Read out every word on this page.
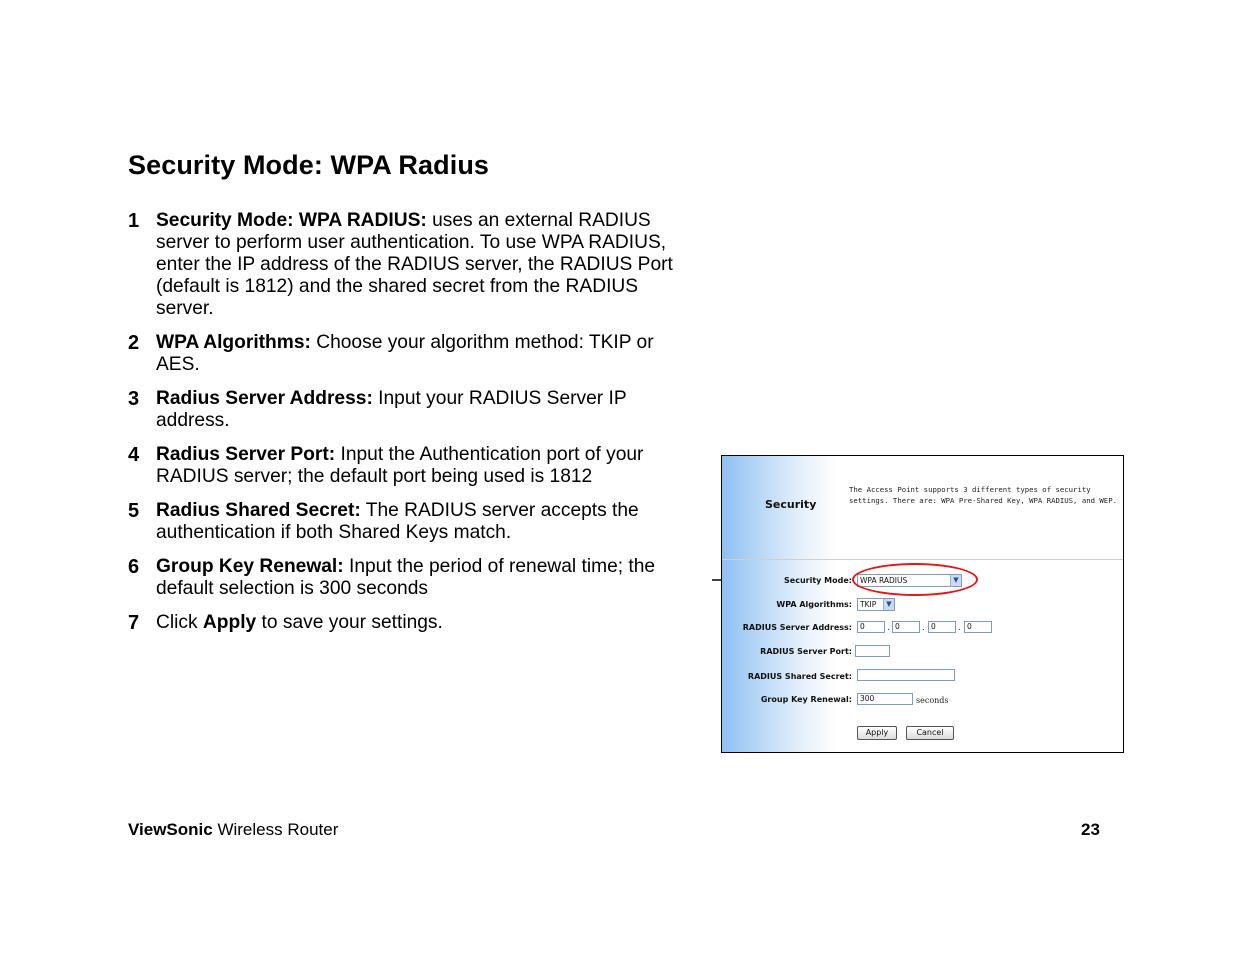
Security Mode: WPA Radius
1 Security Mode: WPA RADIUS: uses an external RADIUS server to perform user authentication. To use WPA RADIUS, enter the IP address of the RADIUS server, the RADIUS Port (default is 1812) and the shared secret from the RADIUS server.
2 WPA Algorithms: Choose your algorithm method: TKIP or AES.
3 Radius Server Address: Input your RADIUS Server IP address.
4 Radius Server Port: Input the Authentication port of your RADIUS server; the default port being used is 1812
5 Radius Shared Secret: The RADIUS server accepts the authentication if both Shared Keys match.
6 Group Key Renewal: Input the period of renewal time; the default selection is 300 seconds
7 Click Apply to save your settings.
Security
The Access Point supports 3 different types of security settings. There are: WPA Pre-Shared Key, WPA RADIUS, and WEP.
Security Mode:	WPA RADIUS	▼
WPA Algorithms:	TKIP	▼
RADIUS Server Address:	0	. 0	. 0	. 0
RADIUS Server Port:
RADIUS Shared Secret:
Group Key Renewal:	300	seconds
Apply	Cancel
ViewSonic Wireless Router	23
